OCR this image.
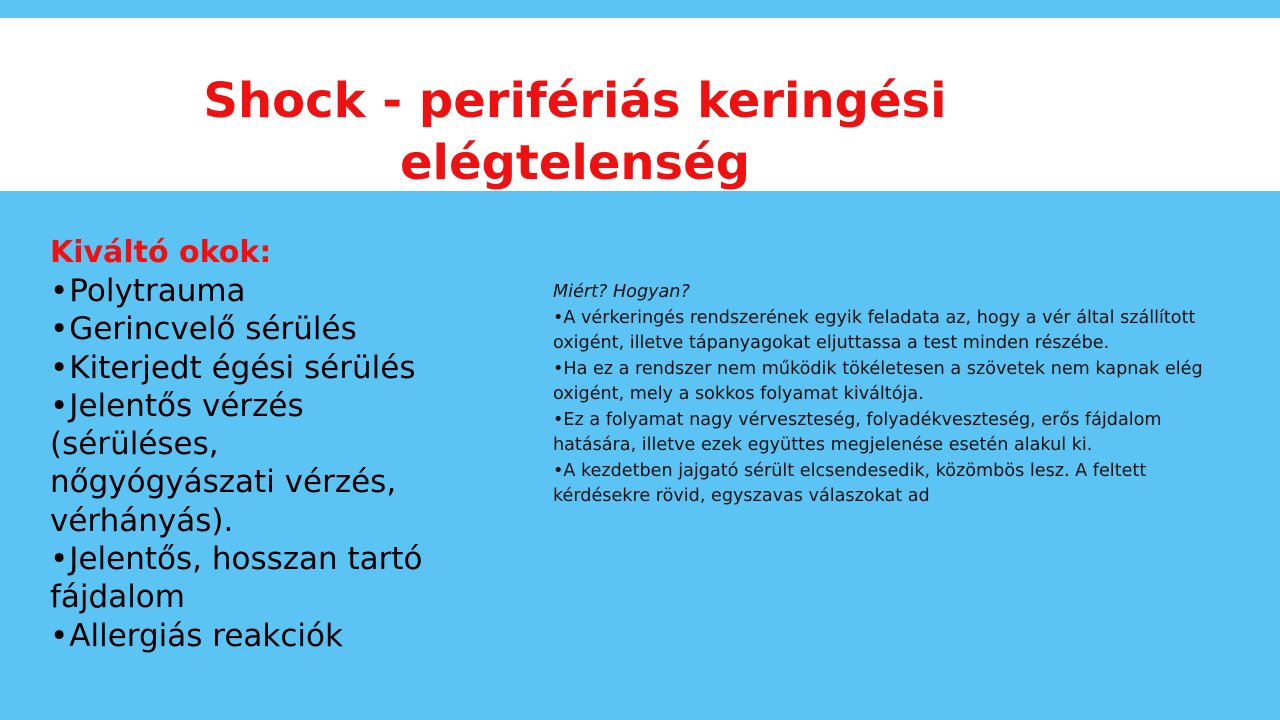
Shock - perifériás keringési
elégtelenség

Kiváltó okok:

•Polytrauma
•Gerincvelő sérülés
•Kiterjedt égési sérülés
•Jelentős vérzés (sérüléses, nőgyógyászati vérzés, vérhányás).
•Jelentős, hosszan tartó fájdalom
•Allergiás reakciók

Miért? Hogyan?

•A vérkeringés rendszerének egyik feladata az, hogy a vér által szállított oxigént, illetve tápanyagokat eljuttassa a test minden részébe.

•Ha ez a rendszer nem működik tökéletesen a szövetek nem kapnak elég oxigént, mely a sokkos folyamat kiváltója.

•Ez a folyamat nagy vérveszteség, folyadékveszteség, erős fájdalom hatására, illetve ezek együttes megjelenése esetén alakul ki.

•A kezdetben jajgató sérült elcsendesedik, közömbös lesz. A feltett kérdésekre rövid, egyszavas válaszokat ad
